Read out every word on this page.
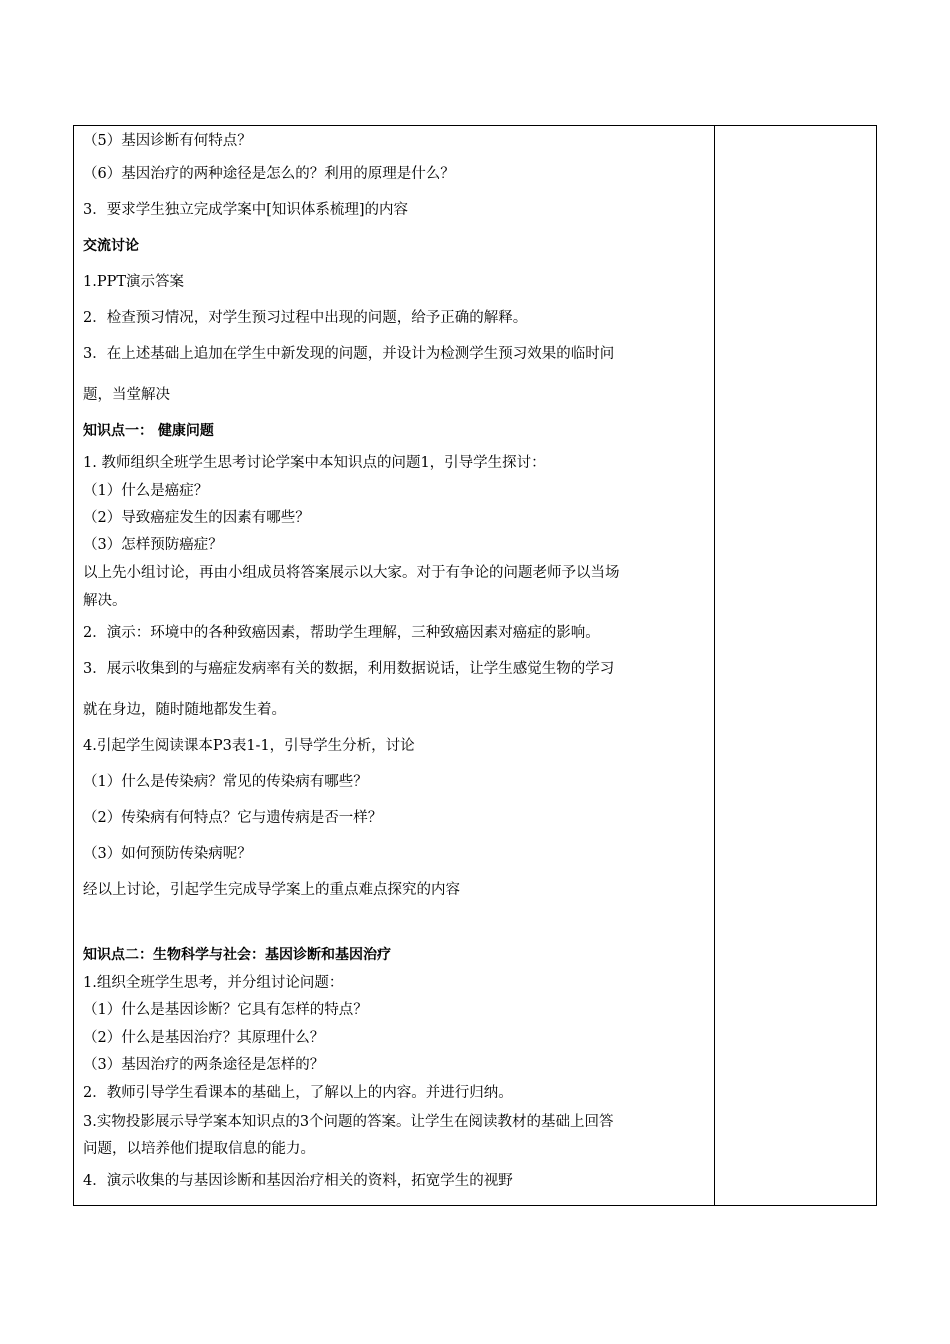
（5）基因诊断有何特点？
（6）基因治疗的两种途径是怎么的？利用的原理是什么？
3．要求学生独立完成学案中[知识体系梳理]的内容
交流讨论
1.PPT演示答案
2．检查预习情况，对学生预习过程中出现的问题，给予正确的解释。
3．在上述基础上追加在学生中新发现的问题，并设计为检测学生预习效果的临时问
题，当堂解决
知识点一： 健康问题
1. 教师组织全班学生思考讨论学案中本知识点的问题1，引导学生探讨：
（1）什么是癌症？
（2）导致癌症发生的因素有哪些？
（3）怎样预防癌症？
以上先小组讨论，再由小组成员将答案展示以大家。对于有争论的问题老师予以当场
解决。
2．演示：环境中的各种致癌因素，帮助学生理解，三种致癌因素对癌症的影响。
3．展示收集到的与癌症发病率有关的数据，利用数据说话，让学生感觉生物的学习
就在身边，随时随地都发生着。
4.引起学生阅读课本P3表1-1，引导学生分析，讨论
（1）什么是传染病？常见的传染病有哪些？
（2）传染病有何特点？它与遗传病是否一样？
（3）如何预防传染病呢？
经以上讨论，引起学生完成导学案上的重点难点探究的内容
知识点二：生物科学与社会：基因诊断和基因治疗
1.组织全班学生思考，并分组讨论问题：
（1）什么是基因诊断？它具有怎样的特点？
（2）什么是基因治疗？其原理什么？
（3）基因治疗的两条途径是怎样的？
2．教师引导学生看课本的基础上，了解以上的内容。并进行归纳。
3.实物投影展示导学案本知识点的3个问题的答案。让学生在阅读教材的基础上回答
问题，以培养他们提取信息的能力。
4．演示收集的与基因诊断和基因治疗相关的资料，拓宽学生的视野
